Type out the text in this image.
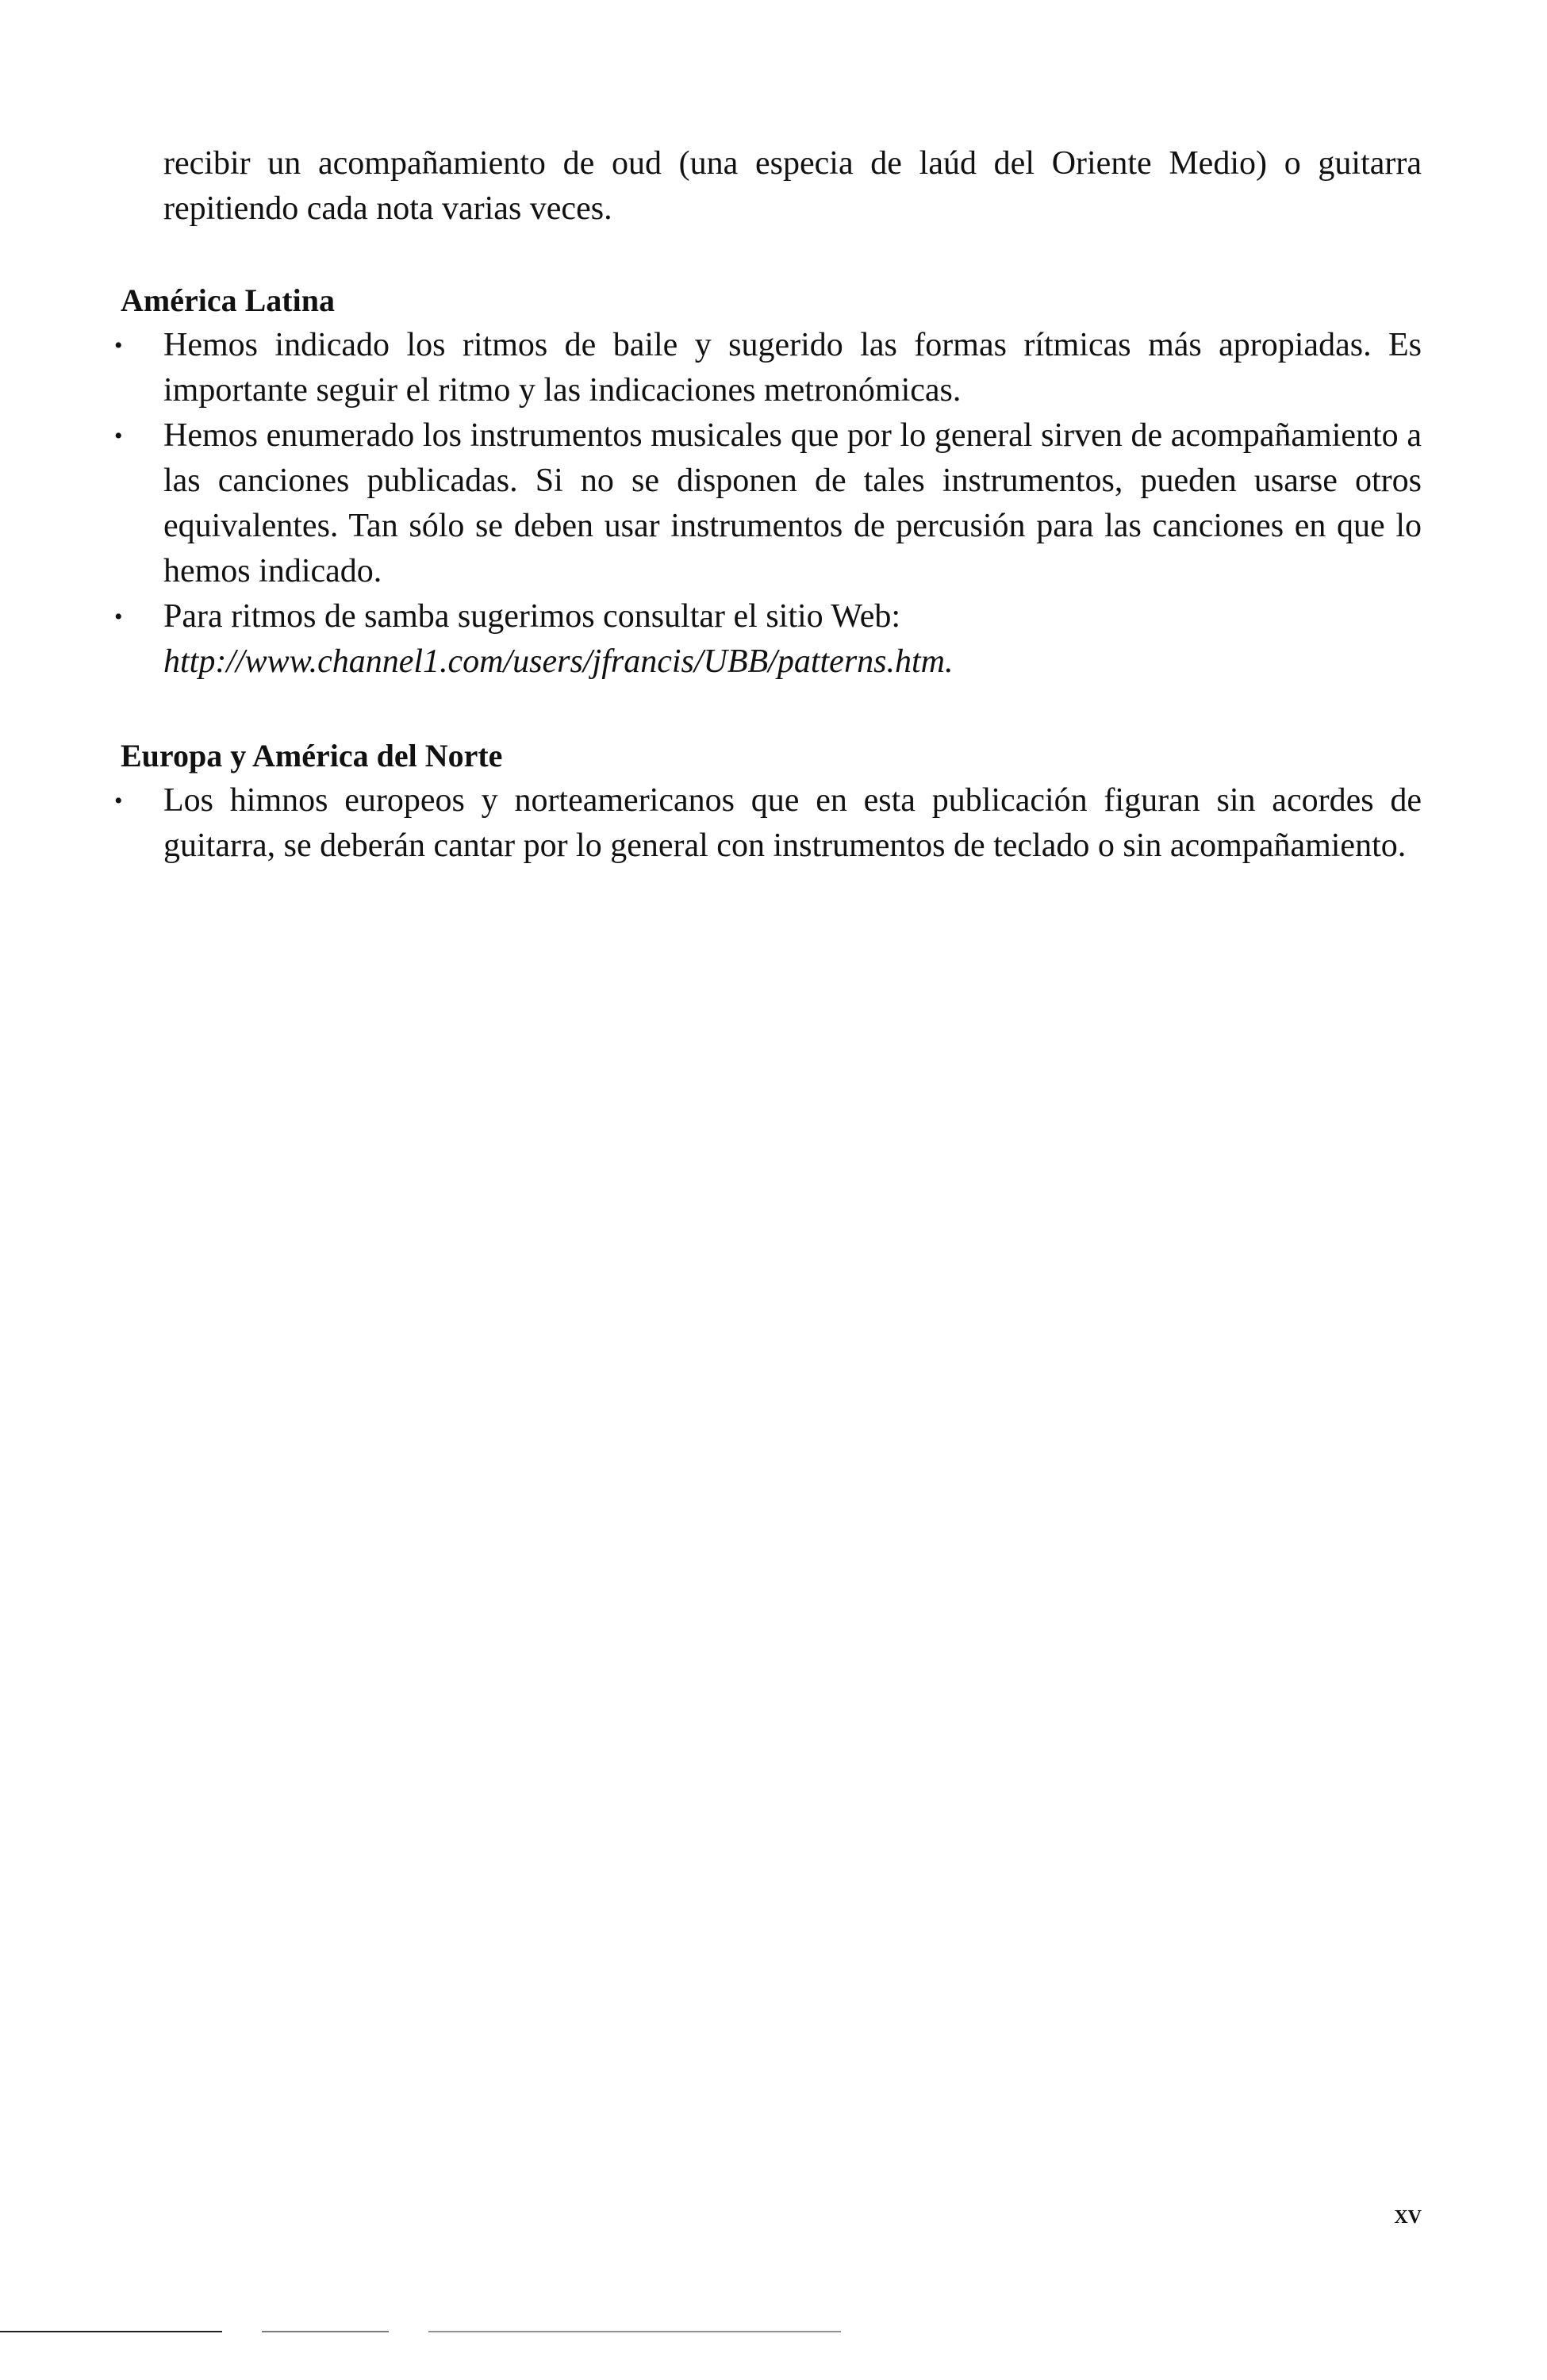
recibir un acompañamiento de oud (una especia de laúd del Oriente Medio) o guitarra repitiendo cada nota varias veces.

América Latina
• Hemos indicado los ritmos de baile y sugerido las formas rítmicas más apropiadas. Es importante seguir el ritmo y las indicaciones metronómicas.
• Hemos enumerado los instrumentos musicales que por lo general sirven de acompañamiento a las canciones publicadas. Si no se disponen de tales instrumentos, pueden usarse otros equivalentes. Tan sólo se deben usar instrumentos de percusión para las canciones en que lo hemos indicado.
• Para ritmos de samba sugerimos consultar el sitio Web: http://www.channel1.com/users/jfrancis/UBB/patterns.htm.
Europa y América del Norte
• Los himnos europeos y norteamericanos que en esta publicación figuran sin acordes de guitarra, se deberán cantar por lo general con instrumentos de teclado o sin acompañamiento.
xv
